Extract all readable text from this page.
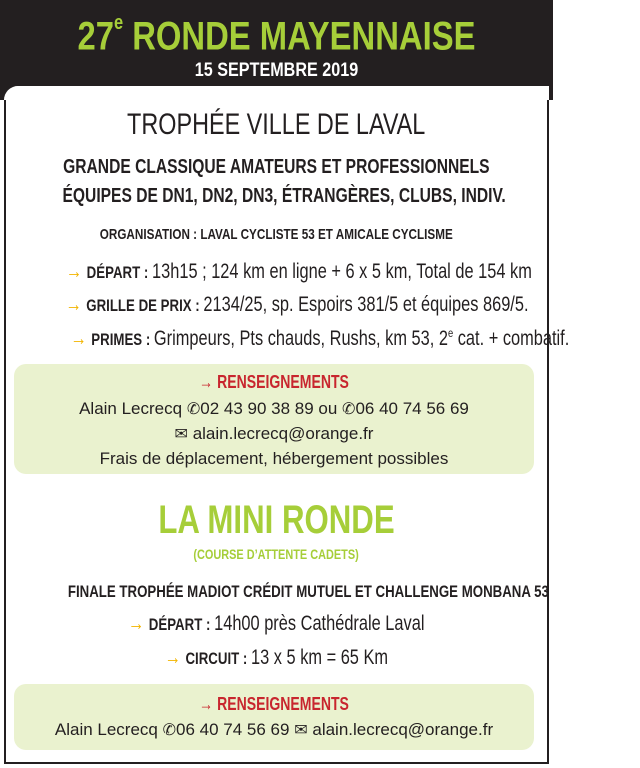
27e RONDE MAYENNAISE
15 SEPTEMBRE 2019
TROPHÉE VILLE DE LAVAL
GRANDE CLASSIQUE AMATEURS ET PROFESSIONNELS
ÉQUIPES DE DN1, DN2, DN3, ÉTRANGÈRES, CLUBS, INDIV.
ORGANISATION : LAVAL CYCLISTE 53 ET AMICALE CYCLISME
→ DÉPART : 13h15 ; 124 km en ligne + 6 x 5 km, Total de 154 km
→ GRILLE DE PRIX : 2134/25, sp. Espoirs 381/5 et équipes 869/5.
→ PRIMES : Grimpeurs, Pts chauds, Rushs, km 53, 2e cat. + combatif.
→ RENSEIGNEMENTS
Alain Lecrecq ✆02 43 90 38 89 ou ✆06 40 74 56 69
✉ alain.lecrecq@orange.fr
Frais de déplacement, hébergement possibles
LA MINI RONDE
(COURSE D’ATTENTE CADETS)
FINALE TROPHÉE MADIOT CRÉDIT MUTUEL ET CHALLENGE MONBANA 53
→ DÉPART : 14h00 près Cathédrale Laval
→ CIRCUIT : 13 x 5 km = 65 Km
→ RENSEIGNEMENTS
Alain Lecrecq ✆06 40 74 56 69 ✉ alain.lecrecq@orange.fr
